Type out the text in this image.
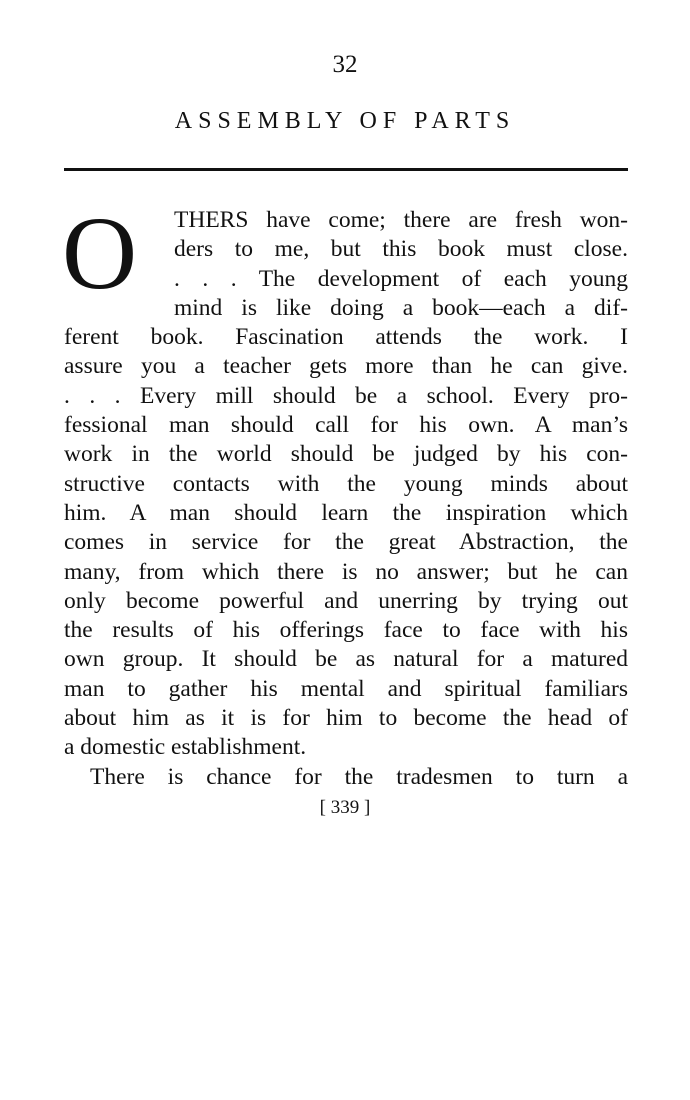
32
ASSEMBLY OF PARTS
O	THERS have come; there are fresh won-
ders to me, but this book must close.
. . . The development of each young
mind is like doing a book—each a dif-
ferent book. Fascination attends the work. I
assure you a teacher gets more than he can give.
. . . Every mill should be a school. Every pro-
fessional man should call for his own. A man’s
work in the world should be judged by his con-
structive contacts with the young minds about
him. A man should learn the inspiration which
comes in service for the great Abstraction, the
many, from which there is no answer; but he can
only become powerful and unerring by trying out
the results of his offerings face to face with his
own group. It should be as natural for a matured
man to gather his mental and spiritual familiars
about him as it is for him to become the head of
a domestic establishment.
There is chance for the tradesmen to turn a
[ 339 ]
